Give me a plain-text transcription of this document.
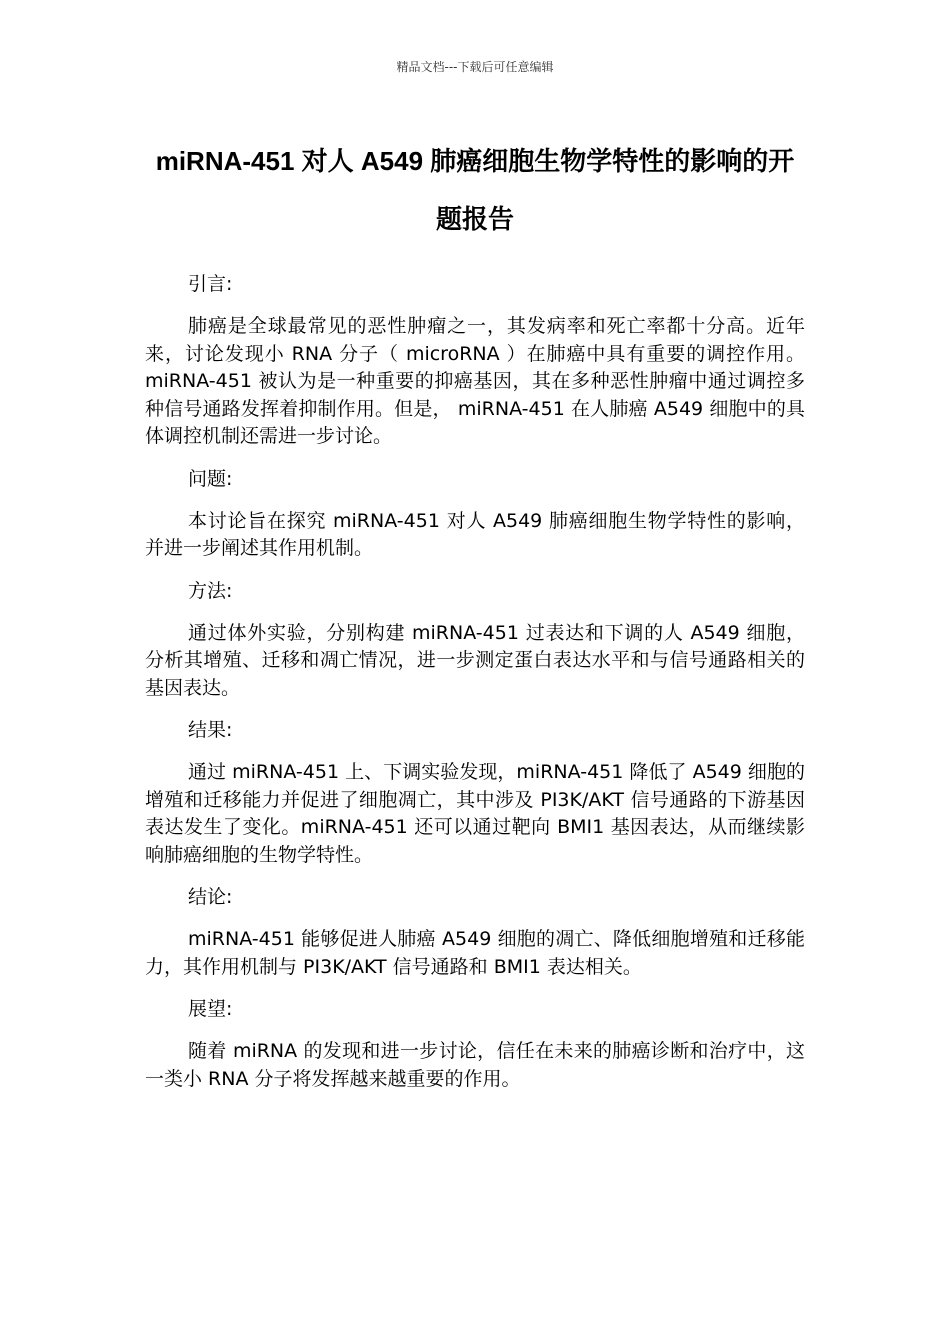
精品文档---下载后可任意编辑
miRNA-451 对人 A549 肺癌细胞生物学特性的影响的开题报告

引言:

肺癌是全球最常见的恶性肿瘤之一，其发病率和死亡率都十分高。近年来，讨论发现小 RNA 分子（ microRNA ）在肺癌中具有重要的调控作用。miRNA-451 被认为是一种重要的抑癌基因，其在多种恶性肿瘤中通过调控多种信号通路发挥着抑制作用。但是， miRNA-451 在人肺癌 A549 细胞中的具体调控机制还需进一步讨论。

问题:

本讨论旨在探究 miRNA-451 对人 A549 肺癌细胞生物学特性的影响，并进一步阐述其作用机制。

方法:

通过体外实验，分别构建 miRNA-451 过表达和下调的人 A549 细胞，分析其增殖、迁移和凋亡情况，进一步测定蛋白表达水平和与信号通路相关的基因表达。

结果:

通过 miRNA-451 上、下调实验发现，miRNA-451 降低了 A549 细胞的增殖和迁移能力并促进了细胞凋亡，其中涉及 PI3K/AKT 信号通路的下游基因表达发生了变化。miRNA-451 还可以通过靶向 BMI1 基因表达，从而继续影响肺癌细胞的生物学特性。

结论:

miRNA-451 能够促进人肺癌 A549 细胞的凋亡、降低细胞增殖和迁移能力，其作用机制与 PI3K/AKT 信号通路和 BMI1 表达相关。

展望:

随着 miRNA 的发现和进一步讨论，信任在未来的肺癌诊断和治疗中，这一类小 RNA 分子将发挥越来越重要的作用。
